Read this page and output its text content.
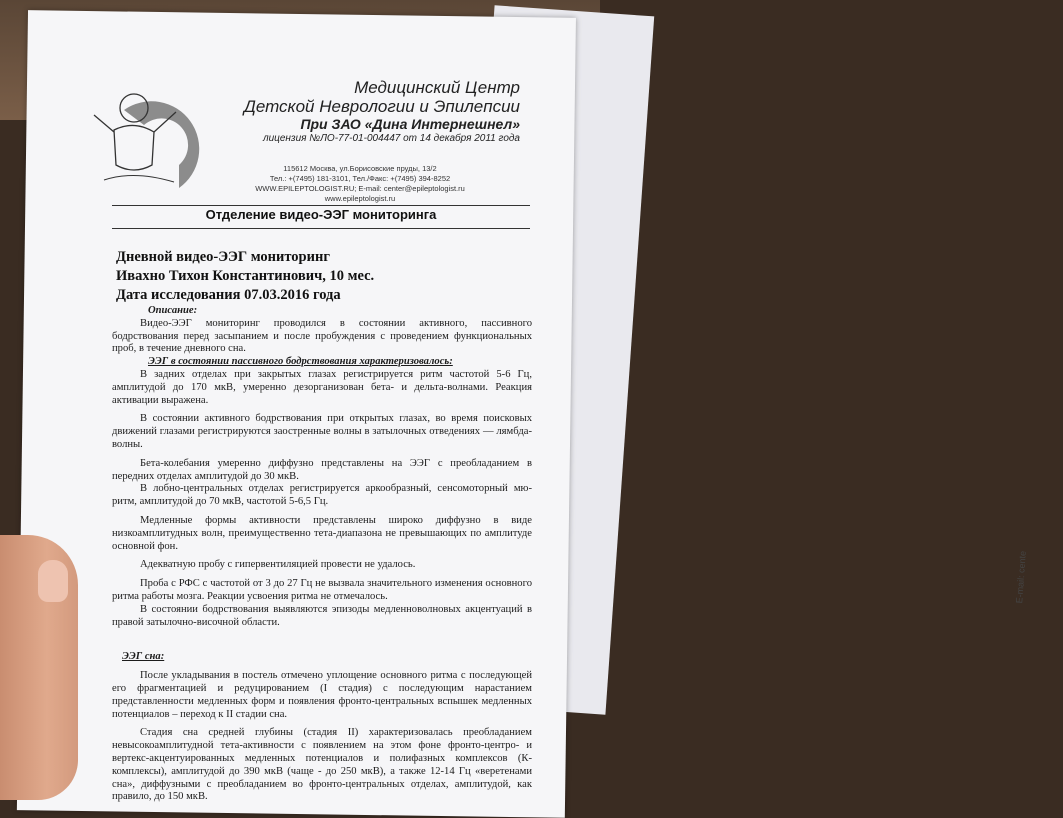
E-mail: cente
Медицинский Центр
Детской Неврологии и Эпилепсии
При ЗАО «Дина Интернешнел»
лицензия №ЛО-77-01-004447 от 14 декабря 2011 года
115612 Москва, ул.Борисовские пруды, 13/2
Тел.: +(7495) 181-3101, Тел./Факс: +(7495) 394-8252
WWW.EPILEPTOLOGIST.RU; E-mail: center@epileptologist.ru
www.epileptologist.ru
Отделение видео-ЭЭГ мониторинга
Дневной видео-ЭЭГ мониторинг
Ивахно Тихон Константинович, 10 мес.
Дата исследования 07.03.2016 года

Описание:

Видео-ЭЭГ мониторинг проводился в состоянии активного, пассивного бодрствования перед засыпанием и после пробуждения с проведением функциональных проб, в течение дневного сна.

ЭЭГ в состоянии пассивного бодрствования характеризовалось:

В задних отделах при закрытых глазах регистрируется ритм частотой 5-6 Гц, амплитудой до 170 мкВ, умеренно дезорганизован бета- и дельта-волнами. Реакция активации выражена.

В состоянии активного бодрствования при открытых глазах, во время поисковых движений глазами регистрируются заостренные волны в затылочных отведениях — лямбда-волны.

Бета-колебания умеренно диффузно представлены на ЭЭГ с преобладанием в передних отделах амплитудой до 30 мкВ.

В лобно-центральных отделах регистрируется аркообразный, сенсомоторный мю-ритм, амплитудой до 70 мкВ, частотой 5-6,5 Гц.

Медленные формы активности представлены широко диффузно в виде низкоамплитудных волн, преимущественно тета-диапазона не превышающих по амплитуде основной фон.

Адекватную пробу с гипервентиляцией провести не удалось.

Проба с РФС с частотой от 3 до 27 Гц не вызвала значительного изменения основного ритма работы мозга. Реакции усвоения ритма не отмечалось.

В состоянии бодрствования выявляются эпизоды медленноволновых акцентуаций в правой затылочно-височной области.

ЭЭГ сна:

После укладывания в постель отмечено уплощение основного ритма с последующей его фрагментацией и редуцированием (I стадия) с последующим нарастанием представленности медленных форм и появления фронто-центральных вспышек медленных потенциалов – переход к II стадии сна.

Стадия сна средней глубины (стадия II) характеризовалась преобладанием невысокоамплитудной тета-активности с появлением на этом фоне фронто-центро- и вертекс-акцентуированных медленных потенциалов и полифазных комплексов (К-комплексы), амплитудой до 390 мкВ (чаще - до 250 мкВ), а также 12-14 Гц «веретенами сна», диффузными с преобладанием во фронто-центральных отделах, амплитудой, как правило, до 150 мкВ.
